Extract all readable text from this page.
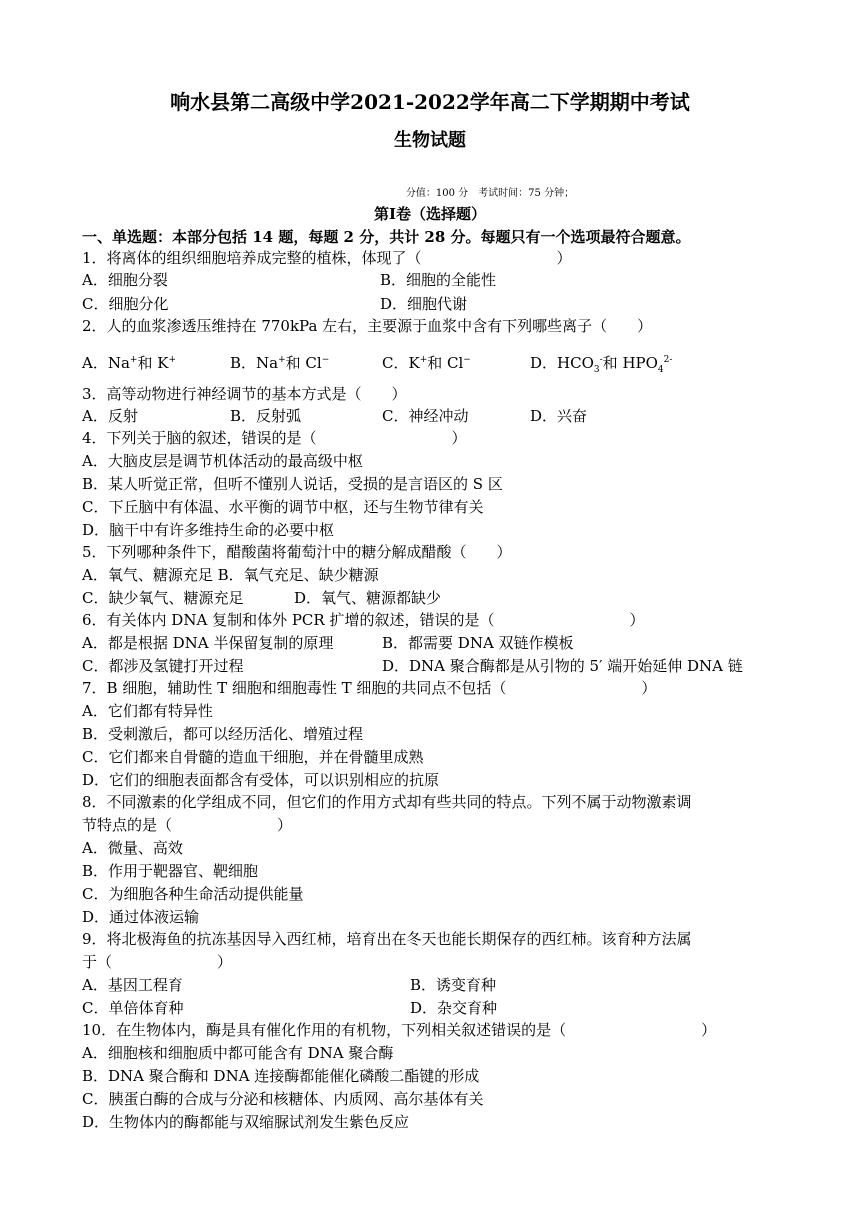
响水县第二高级中学2021-2022学年高二下学期期中考试
生物试题
分值：100 分　考试时间：75 分钟；
第Ⅰ卷（选择题）
一、单选题：本部分包括 14 题，每题 2 分，共计 28 分。每题只有一个选项最符合题意。
1．将离体的组织细胞培养成完整的植株，体现了（　　　　　　　　　）
A．细胞分裂	B．细胞的全能性
C．细胞分化	D．细胞代谢
2．人的血浆渗透压维持在 770kPa 左右，主要源于血浆中含有下列哪些离子（　　）
A．Na+和 K+	B．Na+和 Cl−	C．K+和 Cl−	D．$HCO_3^-$和 $HPO_4^{2-}$
3．高等动物进行神经调节的基本方式是（　　）
A．反射	B．反射弧	C．神经冲动	D．兴奋
4．下列关于脑的叙述，错误的是（　　　　　　　　　）
A．大脑皮层是调节机体活动的最高级中枢
B．某人听觉正常，但听不懂别人说话，受损的是言语区的 S 区
C．下丘脑中有体温、水平衡的调节中枢，还与生物节律有关
D．脑干中有许多维持生命的必要中枢
5．下列哪种条件下，醋酸菌将葡萄汁中的糖分解成醋酸（　　）
A．氧气、糖源充足 B．氧气充足、缺少糖源
C．缺少氧气、糖源充足	D．氧气、糖源都缺少
6．有关体内 DNA 复制和体外 PCR 扩增的叙述，错误的是（　　　　　　　　　）
A．都是根据 DNA 半保留复制的原理	B．都需要 DNA 双链作模板
C．都涉及氢键打开过程	D．DNA 聚合酶都是从引物的 5′ 端开始延伸 DNA 链
7．B 细胞，辅助性 T 细胞和细胞毒性 T 细胞的共同点不包括（　　　　　　　　　）
A．它们都有特异性
B．受刺激后，都可以经历活化、增殖过程
C．它们都来自骨髓的造血干细胞，并在骨髓里成熟
D．它们的细胞表面都含有受体，可以识别相应的抗原
8．不同激素的化学组成不同，但它们的作用方式却有些共同的特点。下列不属于动物激素调
节特点的是（　　　　　　　）
A．微量、高效
B．作用于靶器官、靶细胞
C．为细胞各种生命活动提供能量
D．通过体液运输
9．将北极海鱼的抗冻基因导入西红柿，培育出在冬天也能长期保存的西红柿。该育种方法属
于（　　　　　　　）
A．基因工程育	B．诱变育种
C．单倍体育种	D．杂交育种
10．在生物体内，酶是具有催化作用的有机物，下列相关叙述错误的是（　　　　　　　　　）
A．细胞核和细胞质中都可能含有 DNA 聚合酶
B．DNA 聚合酶和 DNA 连接酶都能催化磷酸二酯键的形成
C．胰蛋白酶的合成与分泌和核糖体、内质网、高尔基体有关
D．生物体内的酶都能与双缩脲试剂发生紫色反应
